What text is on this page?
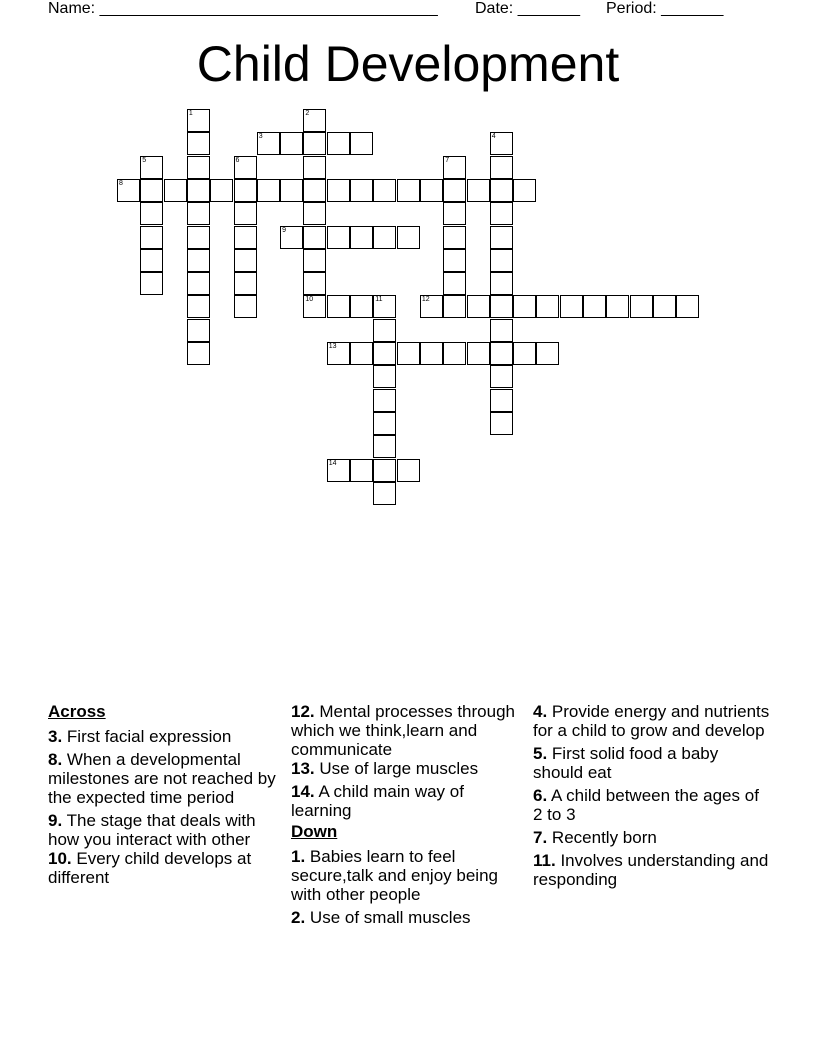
Name: ______________________________________ Date: _______ Period: _______
Child Development
1	2
3	4
5	6	7
8
9
10	11	12
13
14
Across
3. First facial expression
8. When a developmental milestones are not reached by the expected time period
9. The stage that deals with how you interact with other
10. Every child develops at different
12. Mental processes through which we think,learn and communicate
13. Use of large muscles
14. A child main way of learning
Down
1. Babies learn to feel secure,talk and enjoy being with other people
2. Use of small muscles
4. Provide energy and nutrients for a child to grow and develop
5. First solid food a baby should eat
6. A child between the ages of 2 to 3
7. Recently born
11. Involves understanding and responding
